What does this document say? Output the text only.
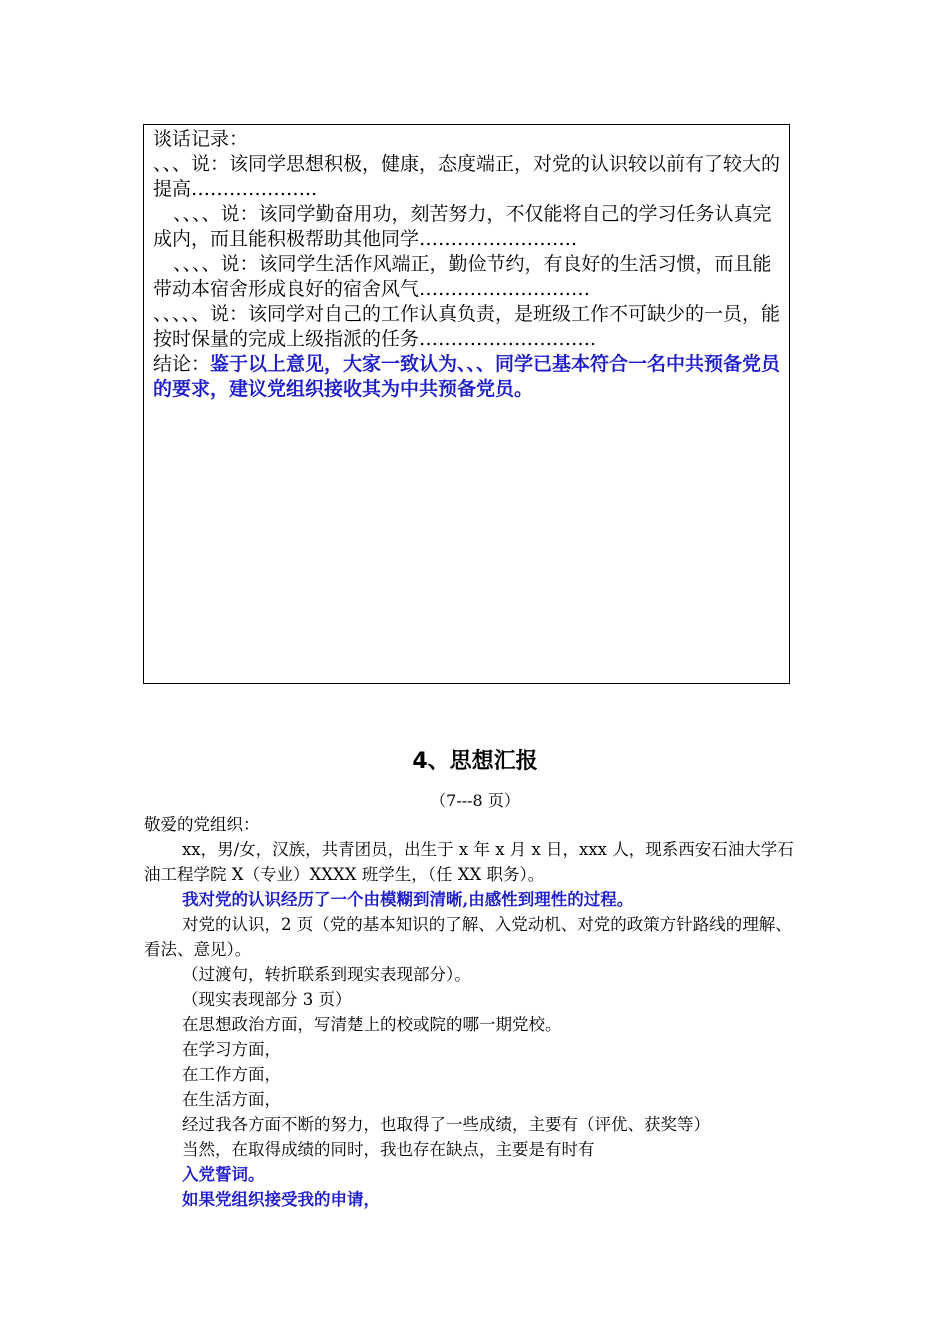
谈话记录：

、、、说：该同学思想积极，健康，态度端正，对党的认识较以前有了较大的提高………………..

、、、、说：该同学勤奋用功，刻苦努力，不仅能将自己的学习任务认真完成内，而且能积极帮助其他同学…………………….

、、、、说：该同学生活作风端正，勤俭节约，有良好的生活习惯，而且能带动本宿舍形成良好的宿舍风气………………………

、、、、、说：该同学对自己的工作认真负责，是班级工作不可缺少的一员，能按时保量的完成上级指派的任务……………………….

结论：鉴于以上意见，大家一致认为、、、同学已基本符合一名中共预备党员的要求，建议党组织接收其为中共预备党员。

4、思想汇报
（7---8 页）

敬爱的党组织：

xx，男/女，汉族，共青团员，出生于 x 年 x 月 x 日，xxx 人，现系西安石油大学石油工程学院 X（专业）XXXX 班学生，（任 XX 职务）。

我对党的认识经历了一个由模糊到清晰,由感性到理性的过程。

对党的认识，2 页（党的基本知识的了解、入党动机、对党的政策方针路线的理解、看法、意见）。

（过渡句，转折联系到现实表现部分）。

（现实表现部分 3 页）

在思想政治方面，写清楚上的校或院的哪一期党校。

在学习方面，

在工作方面，

在生活方面，

经过我各方面不断的努力，也取得了一些成绩，主要有（评优、获奖等）

当然，在取得成绩的同时，我也存在缺点，主要是有时有

入党誓词。

如果党组织接受我的申请，
